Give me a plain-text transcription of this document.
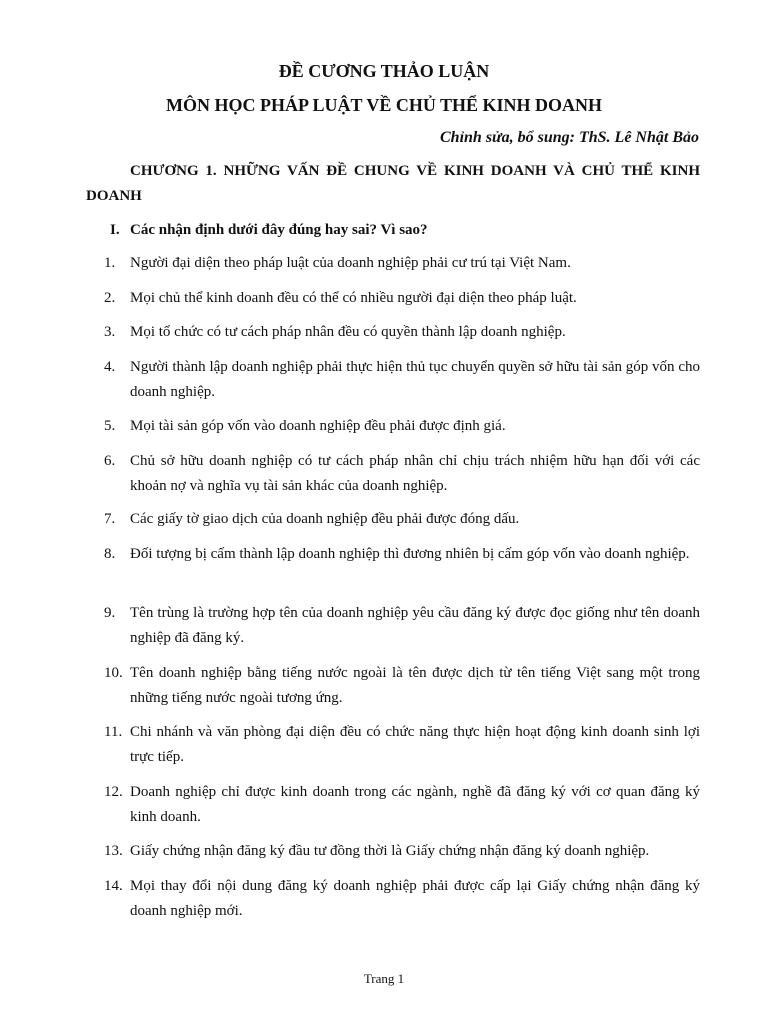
ĐỀ CƯƠNG THẢO LUẬN
MÔN HỌC PHÁP LUẬT VỀ CHỦ THỂ KINH DOANH
Chỉnh sửa, bổ sung: ThS. Lê Nhật Bảo
CHƯƠNG 1. NHỮNG VẤN ĐỀ CHUNG VỀ KINH DOANH VÀ CHỦ THỂ KINH DOANH
I. Các nhận định dưới đây đúng hay sai? Vì sao?
1. Người đại diện theo pháp luật của doanh nghiệp phải cư trú tại Việt Nam.
2. Mọi chủ thể kinh doanh đều có thể có nhiều người đại diện theo pháp luật.
3. Mọi tổ chức có tư cách pháp nhân đều có quyền thành lập doanh nghiệp.
4. Người thành lập doanh nghiệp phải thực hiện thủ tục chuyển quyền sở hữu tài sản góp vốn cho doanh nghiệp.
5. Mọi tài sản góp vốn vào doanh nghiệp đều phải được định giá.
6. Chủ sở hữu doanh nghiệp có tư cách pháp nhân chỉ chịu trách nhiệm hữu hạn đối với các khoản nợ và nghĩa vụ tài sản khác của doanh nghiệp.
7. Các giấy tờ giao dịch của doanh nghiệp đều phải được đóng dấu.
8. Đối tượng bị cấm thành lập doanh nghiệp thì đương nhiên bị cấm góp vốn vào doanh nghiệp.
9. Tên trùng là trường hợp tên của doanh nghiệp yêu cầu đăng ký được đọc giống như tên doanh nghiệp đã đăng ký.
10. Tên doanh nghiệp bằng tiếng nước ngoài là tên được dịch từ tên tiếng Việt sang một trong những tiếng nước ngoài tương ứng.
11. Chi nhánh và văn phòng đại diện đều có chức năng thực hiện hoạt động kinh doanh sinh lợi trực tiếp.
12. Doanh nghiệp chỉ được kinh doanh trong các ngành, nghề đã đăng ký với cơ quan đăng ký kinh doanh.
13. Giấy chứng nhận đăng ký đầu tư đồng thời là Giấy chứng nhận đăng ký doanh nghiệp.
14. Mọi thay đổi nội dung đăng ký doanh nghiệp phải được cấp lại Giấy chứng nhận đăng ký doanh nghiệp mới.
Trang 1
